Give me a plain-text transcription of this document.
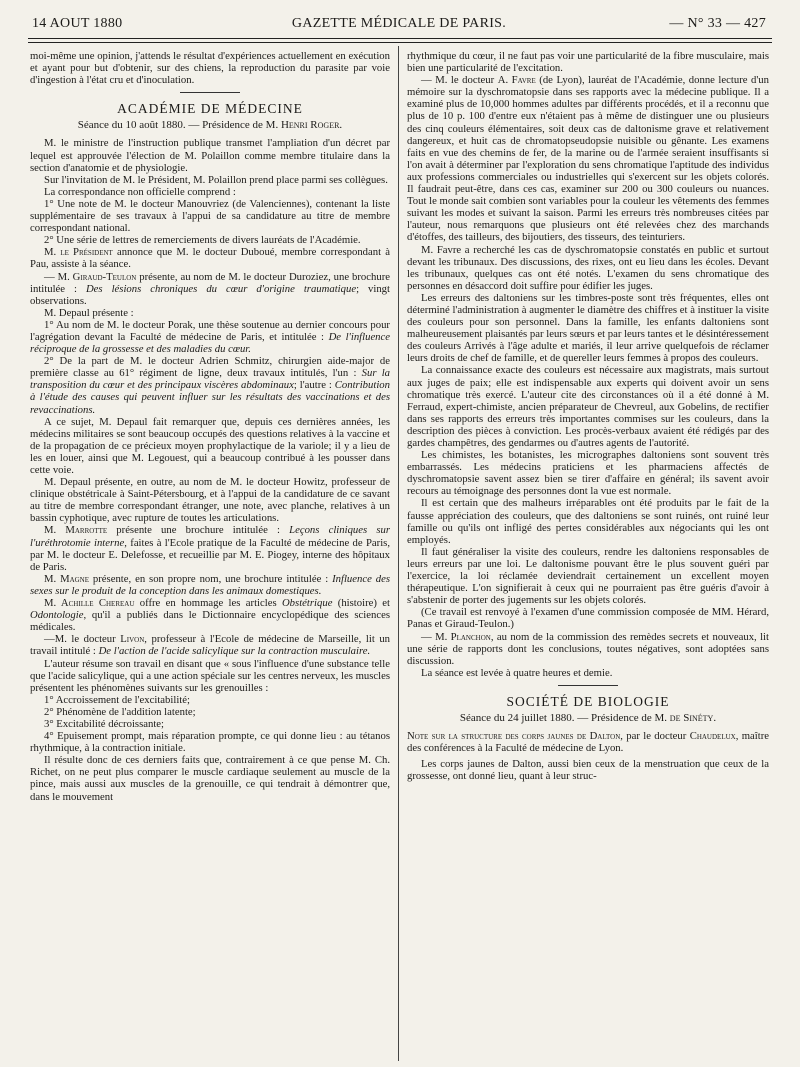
14 AOUT 1880	GAZETTE MÉDICALE DE PARIS.	— N° 33 — 427

moi-même une opinion, j'attends le résultat d'expériences actuellement en exécution et ayant pour but d'obtenir, sur des chiens, la reproduction du parasite par voie d'ingestion à l'état cru et d'inoculation.

ACADÉMIE DE MÉDECINE
Séance du 10 août 1880. — Présidence de M. Henri Roger.

M. le ministre de l'instruction publique transmet l'ampliation d'un décret par lequel est approuvée l'élection de M. Polaillon comme membre titulaire dans la section d'anatomie et de physiologie.

Sur l'invitation de M. le Président, M. Polaillon prend place parmi ses collègues.

La correspondance non officielle comprend :

1° Une note de M. le docteur Manouvriez (de Valenciennes), contenant la liste supplémentaire de ses travaux à l'appui de sa candidature au titre de membre correspondant national.

2° Une série de lettres de remerciements de divers lauréats de l'Académie.

M. le Président annonce que M. le docteur Duboué, membre correspondant à Pau, assiste à la séance.

— M. Giraud-Teulon présente, au nom de M. le docteur Duroziez, une brochure intitulée : Des lésions chroniques du cœur d'origine traumatique; vingt observations.

M. Depaul présente :

1° Au nom de M. le docteur Porak, une thèse soutenue au dernier concours pour l'agrégation devant la Faculté de médecine de Paris, et intitulée : De l'influence réciproque de la grossesse et des maladies du cœur.

2° De la part de M. le docteur Adrien Schmitz, chirurgien aide-major de première classe au 61° régiment de ligne, deux travaux intitulés, l'un : Sur la transposition du cœur et des principaux viscères abdominaux; l'autre : Contribution à l'étude des causes qui peuvent influer sur les résultats des vaccinations et des revaccinations.

A ce sujet, M. Depaul fait remarquer que, depuis ces dernières années, les médecins militaires se sont beaucoup occupés des questions relatives à la vaccine et de la propagation de ce précieux moyen prophylactique de la variole; il y a lieu de les en louer, ainsi que M. Legouest, qui a beaucoup contribué à les pousser dans cette voie.

M. Depaul présente, en outre, au nom de M. le docteur Howitz, professeur de clinique obstétricale à Saint-Pétersbourg, et à l'appui de la candidature de ce savant au titre de membre correspondant étranger, une note, avec planche, relatives à un bassin cyphotique, avec rupture de toutes les articulations.

M. Marrotte présente une brochure intitulée : Leçons cliniques sur l'uréthrotomie interne, faites à l'Ecole pratique de la Faculté de médecine de Paris, par M. le docteur E. Delefosse, et recueillie par M. E. Piogey, interne des hôpitaux de Paris.

M. Magne présente, en son propre nom, une brochure intitulée : Influence des sexes sur le produit de la conception dans les animaux domestiques.

M. Achille Chereau offre en hommage les articles Obstétrique (histoire) et Odontologie, qu'il a publiés dans le Dictionnaire encyclopédique des sciences médicales.

—M. le docteur Livon, professeur à l'Ecole de médecine de Marseille, lit un travail intitulé : De l'action de l'acide salicylique sur la contraction musculaire.

L'auteur résume son travail en disant que « sous l'influence d'une substance telle que l'acide salicylique, qui a une action spéciale sur les centres nerveux, les muscles présentent les phénomènes suivants sur les grenouilles :

1° Accroissement de l'excitabilité;

2° Phénomène de l'addition latente;

3° Excitabilité décroissante;

4° Epuisement prompt, mais réparation prompte, ce qui donne lieu : au tétanos rhythmique, à la contraction initiale.

Il résulte donc de ces derniers faits que, contrairement à ce que pense M. Ch. Richet, on ne peut plus comparer le muscle cardiaque seulement au muscle de la pince, mais aussi aux muscles de la grenouille, ce qui tendrait à démontrer que, dans le mouvement

rhythmique du cœur, il ne faut pas voir une particularité de la fibre musculaire, mais bien une particularité de l'excitation.

— M. le docteur A. Favre (de Lyon), lauréat de l'Académie, donne lecture d'un mémoire sur la dyschromatopsie dans ses rapports avec la médecine publique. Il a examiné plus de 10,000 hommes adultes par différents procédés, et il a reconnu que plus de 10 p. 100 d'entre eux n'étaient pas à même de distinguer une ou plusieurs des cinq couleurs élémentaires, soit deux cas de daltonisme grave et relativement dangereux, et huit cas de chromatopseudopsie nuisible ou gênante. Les examens faits en vue des chemins de fer, de la marine ou de l'armée seraient insuffisants si l'on avait à déterminer par l'exploration du sens chromatique l'aptitude des individus aux professions commerciales ou industrielles qui s'exercent sur les objets colorés. Il faudrait peut-être, dans ces cas, examiner sur 200 ou 300 couleurs ou nuances. Tout le monde sait combien sont variables pour la couleur les vêtements des femmes suivant les modes et suivant la saison. Parmi les erreurs très nombreuses citées par l'auteur, nous remarquons que plusieurs ont été relevées chez des marchands d'étoffes, des tailleurs, des bijoutiers, des tisseurs, des teinturiers.

M. Favre a recherché les cas de dyschromatopsie constatés en public et surtout devant les tribunaux. Des discussions, des rixes, ont eu lieu dans les écoles. Devant les tribunaux, quelques cas ont été notés. L'examen du sens chromatique des personnes en désaccord doit suffire pour édifier les juges.

Les erreurs des daltoniens sur les timbres-poste sont très fréquentes, elles ont déterminé l'administration à augmenter le diamètre des chiffres et à instituer la visite des couleurs pour son personnel. Dans la famille, les enfants daltoniens sont malheureusement plaisantés par leurs sœurs et par leurs tantes et le désintéressement des couleurs Arrivés à l'âge adulte et mariés, il leur arrive quelquefois de réclamer leurs droits de chef de famille, et de quereller leurs femmes à propos des couleurs.

La connaissance exacte des couleurs est nécessaire aux magistrats, mais surtout aux juges de paix; elle est indispensable aux experts qui doivent avoir un sens chromatique très exercé. L'auteur cite des circonstances où il a été donné à M. Ferraud, expert-chimiste, ancien préparateur de Chevreul, aux Gobelins, de rectifier dans ses rapports des erreurs très importantes commises sur les couleurs, dans la description des pièces à conviction. Les procès-verbaux avaient été rédigés par des gardes champêtres, des gendarmes ou d'autres agents de l'autorité.

Les chimistes, les botanistes, les micrographes daltoniens sont souvent très embarrassés. Les médecins praticiens et les pharmaciens affectés de dyschromatopsie savent assez bien se tirer d'affaire en général; ils savent avoir recours au témoignage des personnes dont la vue est normale.

Il est certain que des malheurs irréparables ont été produits par le fait de la fausse appréciation des couleurs, que des daltoniens se sont ruinés, ont ruiné leur famille ou qu'ils ont infligé des pertes considérables aux négociants qui les ont employés.

Il faut généraliser la visite des couleurs, rendre les daltoniens responsables de leurs erreurs par une loi. Le daltonisme pouvant être le plus souvent guéri par l'exercice, la loi réclamée deviendrait certainement un excellent moyen thérapeutique. L'on signifierait à ceux qui ne pourraient pas être guéris d'avoir à s'abstenir de porter des jugements sur les objets colorés.

(Ce travail est renvoyé à l'examen d'une commission composée de MM. Hérard, Panas et Giraud-Teulon.)

— M. Planchon, au nom de la commission des remèdes secrets et nouveaux, lit une série de rapports dont les conclusions, toutes négatives, sont adoptées sans discussion.

La séance est levée à quatre heures et demie.

SOCIÉTÉ DE BIOLOGIE
Séance du 24 juillet 1880. — Présidence de M. de Sinéty.

Note sur la structure des corps jaunes de Dalton, par le docteur Chaudelux, maître des conférences à la Faculté de médecine de Lyon.

Les corps jaunes de Dalton, aussi bien ceux de la menstruation que ceux de la grossesse, ont donné lieu, quant à leur struc-
